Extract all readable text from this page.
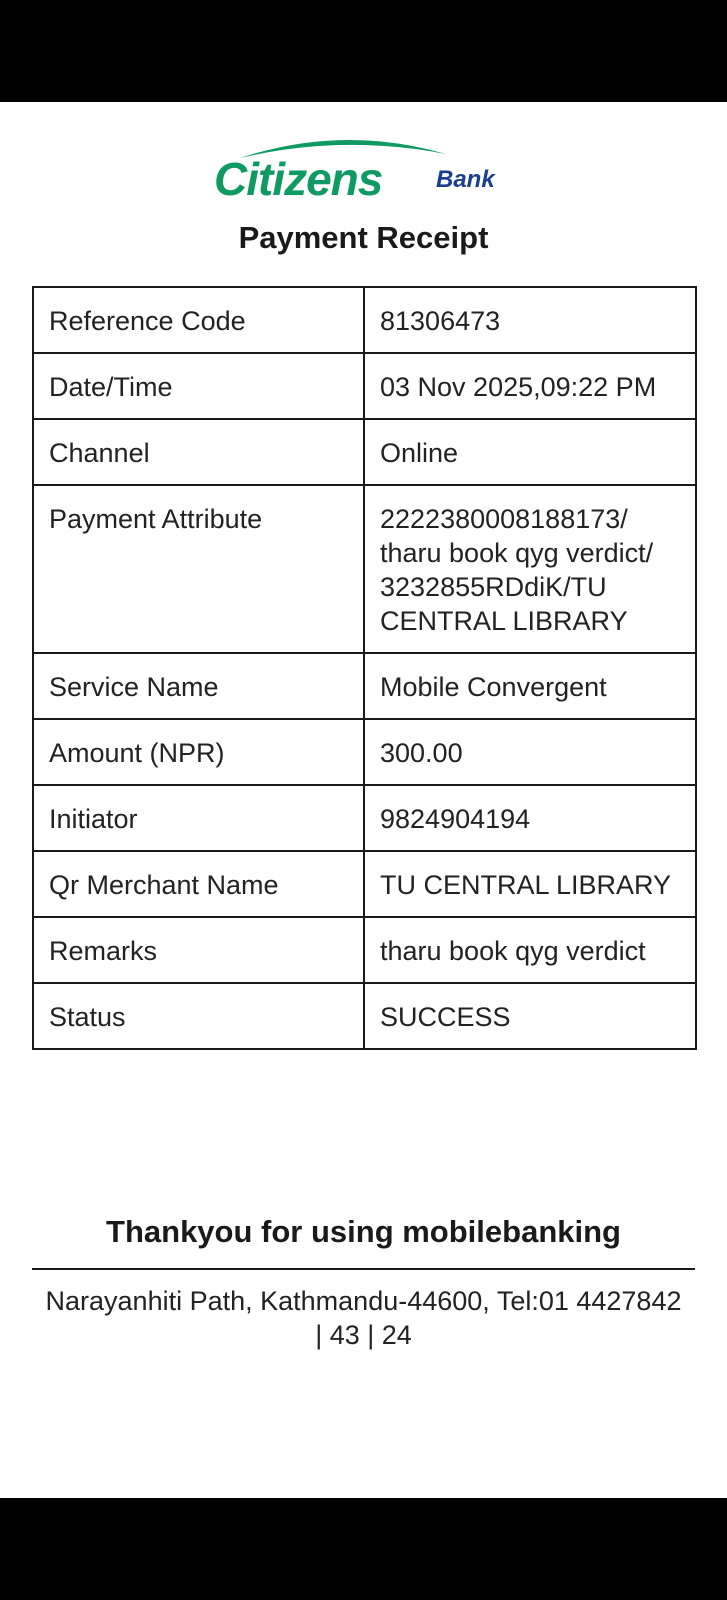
Citizens Bank
Payment Receipt
Reference Code	81306473
Date/Time	03 Nov 2025,09:22 PM
Channel	Online
Payment Attribute	2222380008188173/ tharu book qyg verdict/ 3232855RDdiK/TU CENTRAL LIBRARY
Service Name	Mobile Convergent
Amount (NPR)	300.00
Initiator	9824904194
Qr Merchant Name	TU CENTRAL LIBRARY
Remarks	tharu book qyg verdict
Status	SUCCESS
Thankyou for using mobilebanking
Narayanhiti Path, Kathmandu-44600, Tel:01 4427842 | 43 | 24
